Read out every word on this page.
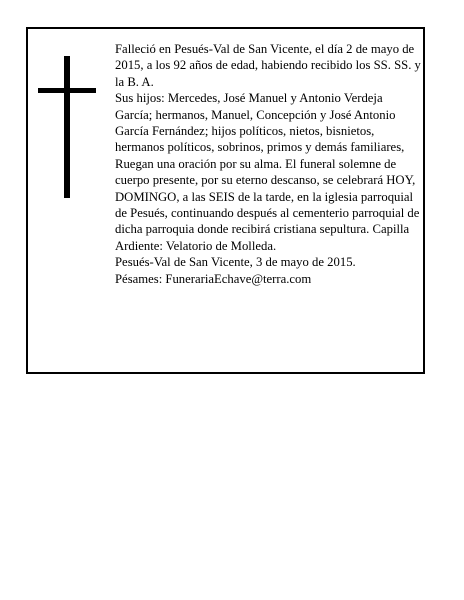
Falleció en Pesués-Val de San Vicente, el día 2 de mayo de 2015, a los 92 años de edad, habiendo recibido los SS. SS. y la B. A.

Sus hijos: Mercedes, José Manuel y Antonio Verdeja García; hermanos, Manuel, Concepción y José Antonio García Fernández; hijos políticos, nietos, bisnietos, hermanos políticos, sobrinos, primos y demás familiares,

Ruegan una oración por su alma. El funeral solemne de cuerpo presente, por su eterno descanso, se celebrará HOY, DOMINGO, a las SEIS de la tarde, en la iglesia parroquial de Pesués, continuando después al cementerio parroquial de dicha parroquia donde recibirá cristiana sepultura. Capilla Ardiente: Velatorio de Molleda.

Pesués-Val de San Vicente, 3 de mayo de 2015.

Pésames: FunerariaEchave@terra.com
